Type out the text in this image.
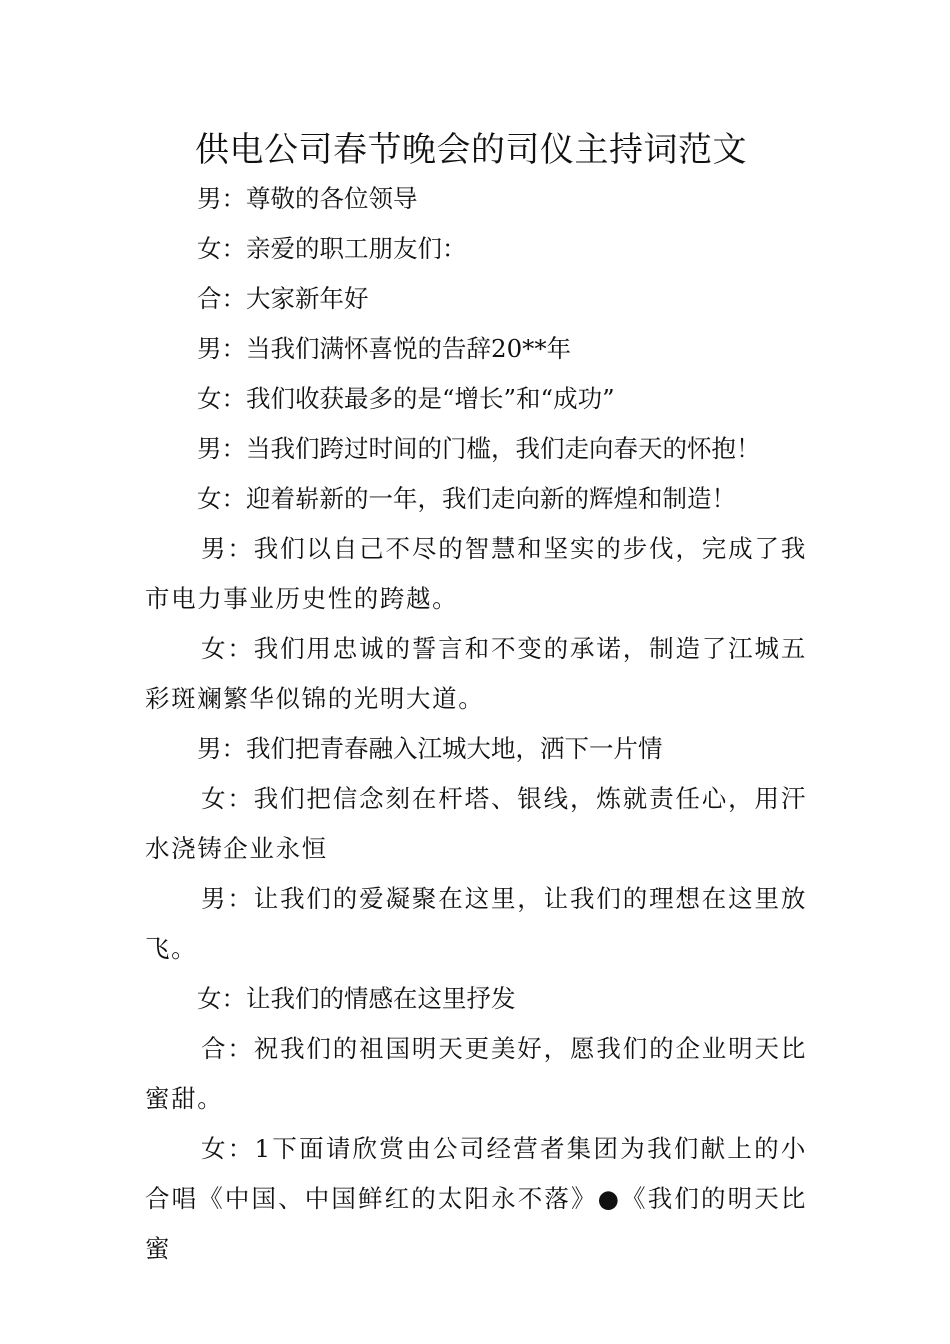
供电公司春节晚会的司仪主持词范文

男：尊敬的各位领导

女：亲爱的职工朋友们：

合：大家新年好

男：当我们满怀喜悦的告辞20**年

女：我们收获最多的是“增长”和“成功”

男：当我们跨过时间的门槛，我们走向春天的怀抱！

女：迎着崭新的一年，我们走向新的辉煌和制造！

男：我们以自己不尽的智慧和坚实的步伐，完成了我市电力事业历史性的跨越。

女：我们用忠诚的誓言和不变的承诺，制造了江城五彩斑斓繁华似锦的光明大道。

男：我们把青春融入江城大地，洒下一片情

女：我们把信念刻在杆塔、银线，炼就责任心，用汗水浇铸企业永恒

男：让我们的爱凝聚在这里，让我们的理想在这里放飞。

女：让我们的情感在这里抒发

合：祝我们的祖国明天更美好，愿我们的企业明天比蜜甜。

女：1下面请欣赏由公司经营者集团为我们献上的小合唱《中国、中国鲜红的太阳永不落》●《我们的明天比蜜
